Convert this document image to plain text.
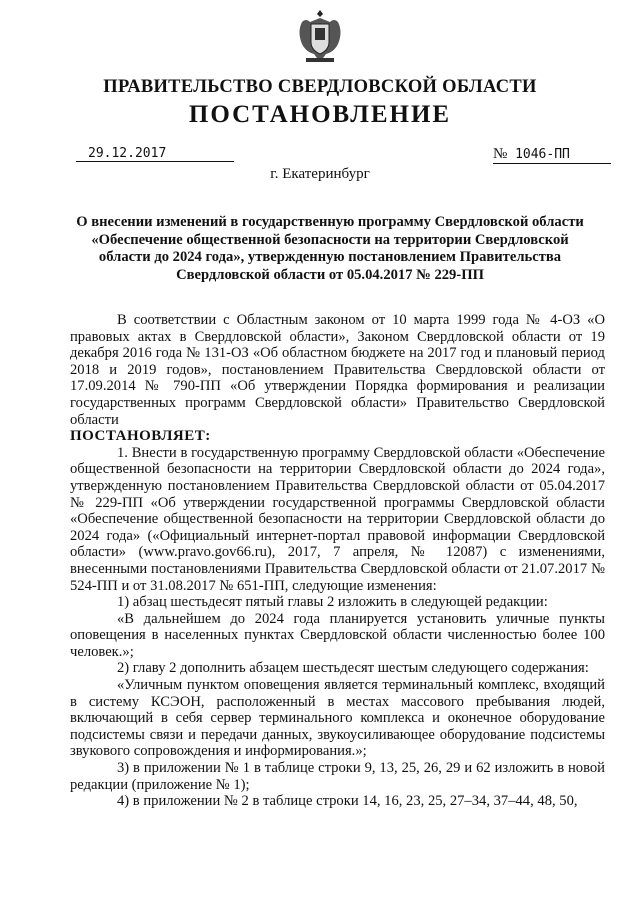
ПРАВИТЕЛЬСТВО СВЕРДЛОВСКОЙ ОБЛАСТИ
ПОСТАНОВЛЕНИЕ
29.12.2017	№ 1046-ПП
г. Екатеринбург
О внесении изменений в государственную программу Свердловской области «Обеспечение общественной безопасности на территории Свердловской области до 2024 года», утвержденную постановлением Правительства Свердловской области от 05.04.2017 № 229-ПП

В соответствии с Областным законом от 10 марта 1999 года № 4-ОЗ «О правовых актах в Свердловской области», Законом Свердловской области от 19 декабря 2016 года № 131-ОЗ «Об областном бюджете на 2017 год и плановый период 2018 и 2019 годов», постановлением Правительства Свердловской области от 17.09.2014 № 790-ПП «Об утверждении Порядка формирования и реализации государственных программ Свердловской области» Правительство Свердловской области

ПОСТАНОВЛЯЕТ:

1. Внести в государственную программу Свердловской области «Обеспечение общественной безопасности на территории Свердловской области до 2024 года», утвержденную постановлением Правительства Свердловской области от 05.04.2017 № 229-ПП «Об утверждении государственной программы Свердловской области «Обеспечение общественной безопасности на территории Свердловской области до 2024 года» («Официальный интернет-портал правовой информации Свердловской области» (www.pravo.gov66.ru), 2017, 7 апреля, № 12087) с изменениями, внесенными постановлениями Правительства Свердловской области от 21.07.2017 № 524-ПП и от 31.08.2017 № 651-ПП, следующие изменения:

1) абзац шестьдесят пятый главы 2 изложить в следующей редакции:

«В дальнейшем до 2024 года планируется установить уличные пункты оповещения в населенных пунктах Свердловской области численностью более 100 человек.»;

2) главу 2 дополнить абзацем шестьдесят шестым следующего содержания:

«Уличным пунктом оповещения является терминальный комплекс, входящий в систему КСЭОН, расположенный в местах массового пребывания людей, включающий в себя сервер терминального комплекса и оконечное оборудование подсистемы связи и передачи данных, звукоусиливающее оборудование подсистемы звукового сопровождения и информирования.»;

3) в приложении № 1 в таблице строки 9, 13, 25, 26, 29 и 62 изложить в новой редакции (приложение № 1);

4) в приложении № 2 в таблице строки 14, 16, 23, 25, 27–34, 37–44, 48, 50,
